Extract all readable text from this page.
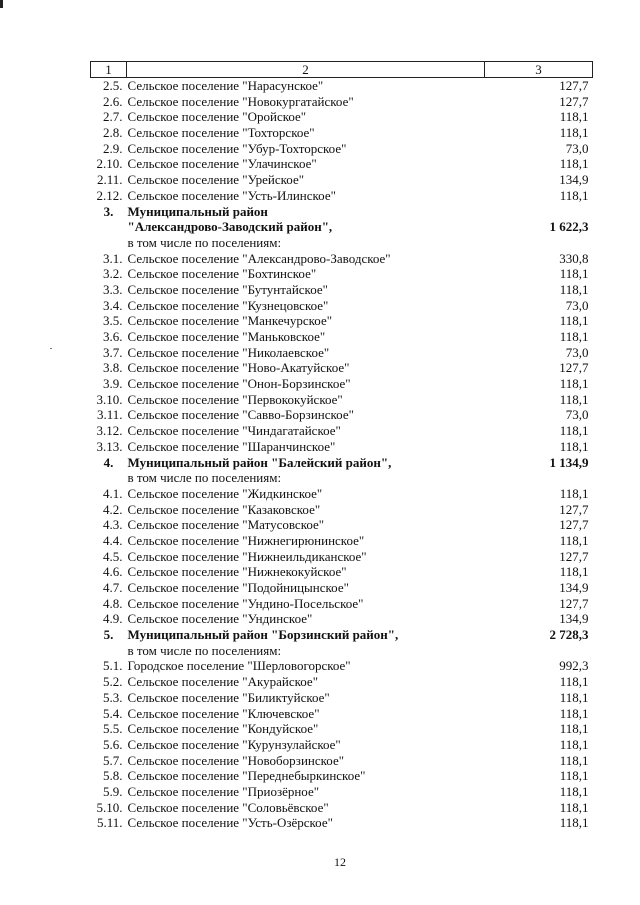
1	2	3
2.5.	Сельское поселение "Нарасунское"	127,7
2.6.	Сельское поселение "Новокургатайское"	127,7
2.7.	Сельское поселение "Оройское"	118,1
2.8.	Сельское поселение "Тохторское"	118,1
2.9.	Сельское поселение "Убур-Тохторское"	73,0
2.10.	Сельское поселение "Улачинское"	118,1
2.11.	Сельское поселение "Урейское"	134,9
2.12.	Сельское поселение "Усть-Илинское"	118,1
3.	Муниципальный район	
	"Александрово-Заводский район",	1 622,3
	в том числе по поселениям:	
3.1.	Сельское поселение "Александрово-Заводское"	330,8
3.2.	Сельское поселение "Бохтинское"	118,1
3.3.	Сельское поселение "Бутунтайское"	118,1
3.4.	Сельское поселение "Кузнецовское"	73,0
3.5.	Сельское поселение "Манкечурское"	118,1
3.6.	Сельское поселение "Маньковское"	118,1
3.7.	Сельское поселение "Николаевское"	73,0
3.8.	Сельское поселение "Ново-Акатуйское"	127,7
3.9.	Сельское поселение "Онон-Борзинское"	118,1
3.10.	Сельское поселение "Первококуйское"	118,1
3.11.	Сельское поселение "Савво-Борзинское"	73,0
3.12.	Сельское поселение "Чиндагатайское"	118,1
3.13.	Сельское поселение "Шаранчинское"	118,1
4.	Муниципальный район "Балейский район",	1 134,9
	в том числе по поселениям:	
4.1.	Сельское поселение "Жидкинское"	118,1
4.2.	Сельское поселение "Казаковское"	127,7
4.3.	Сельское поселение "Матусовское"	127,7
4.4.	Сельское поселение "Нижнегирюнинское"	118,1
4.5.	Сельское поселение "Нижнеильдиканское"	127,7
4.6.	Сельское поселение "Нижнекокуйское"	118,1
4.7.	Сельское поселение "Подойницынское"	134,9
4.8.	Сельское поселение "Ундино-Посельское"	127,7
4.9.	Сельское поселение "Ундинское"	134,9
5.	Муниципальный район "Борзинский район",	2 728,3
	в том числе по поселениям:	
5.1.	Городское поселение "Шерловогорское"	992,3
5.2.	Сельское поселение "Акурайское"	118,1
5.3.	Сельское поселение "Биликтуйское"	118,1
5.4.	Сельское поселение "Ключевское"	118,1
5.5.	Сельское поселение "Кондуйское"	118,1
5.6.	Сельское поселение "Курунзулайское"	118,1
5.7.	Сельское поселение "Новоборзинское"	118,1
5.8.	Сельское поселение "Переднебыркинское"	118,1
5.9.	Сельское поселение "Приозёрное"	118,1
5.10.	Сельское поселение "Соловьёвское"	118,1
5.11.	Сельское поселение "Усть-Озёрское"	118,1
12
